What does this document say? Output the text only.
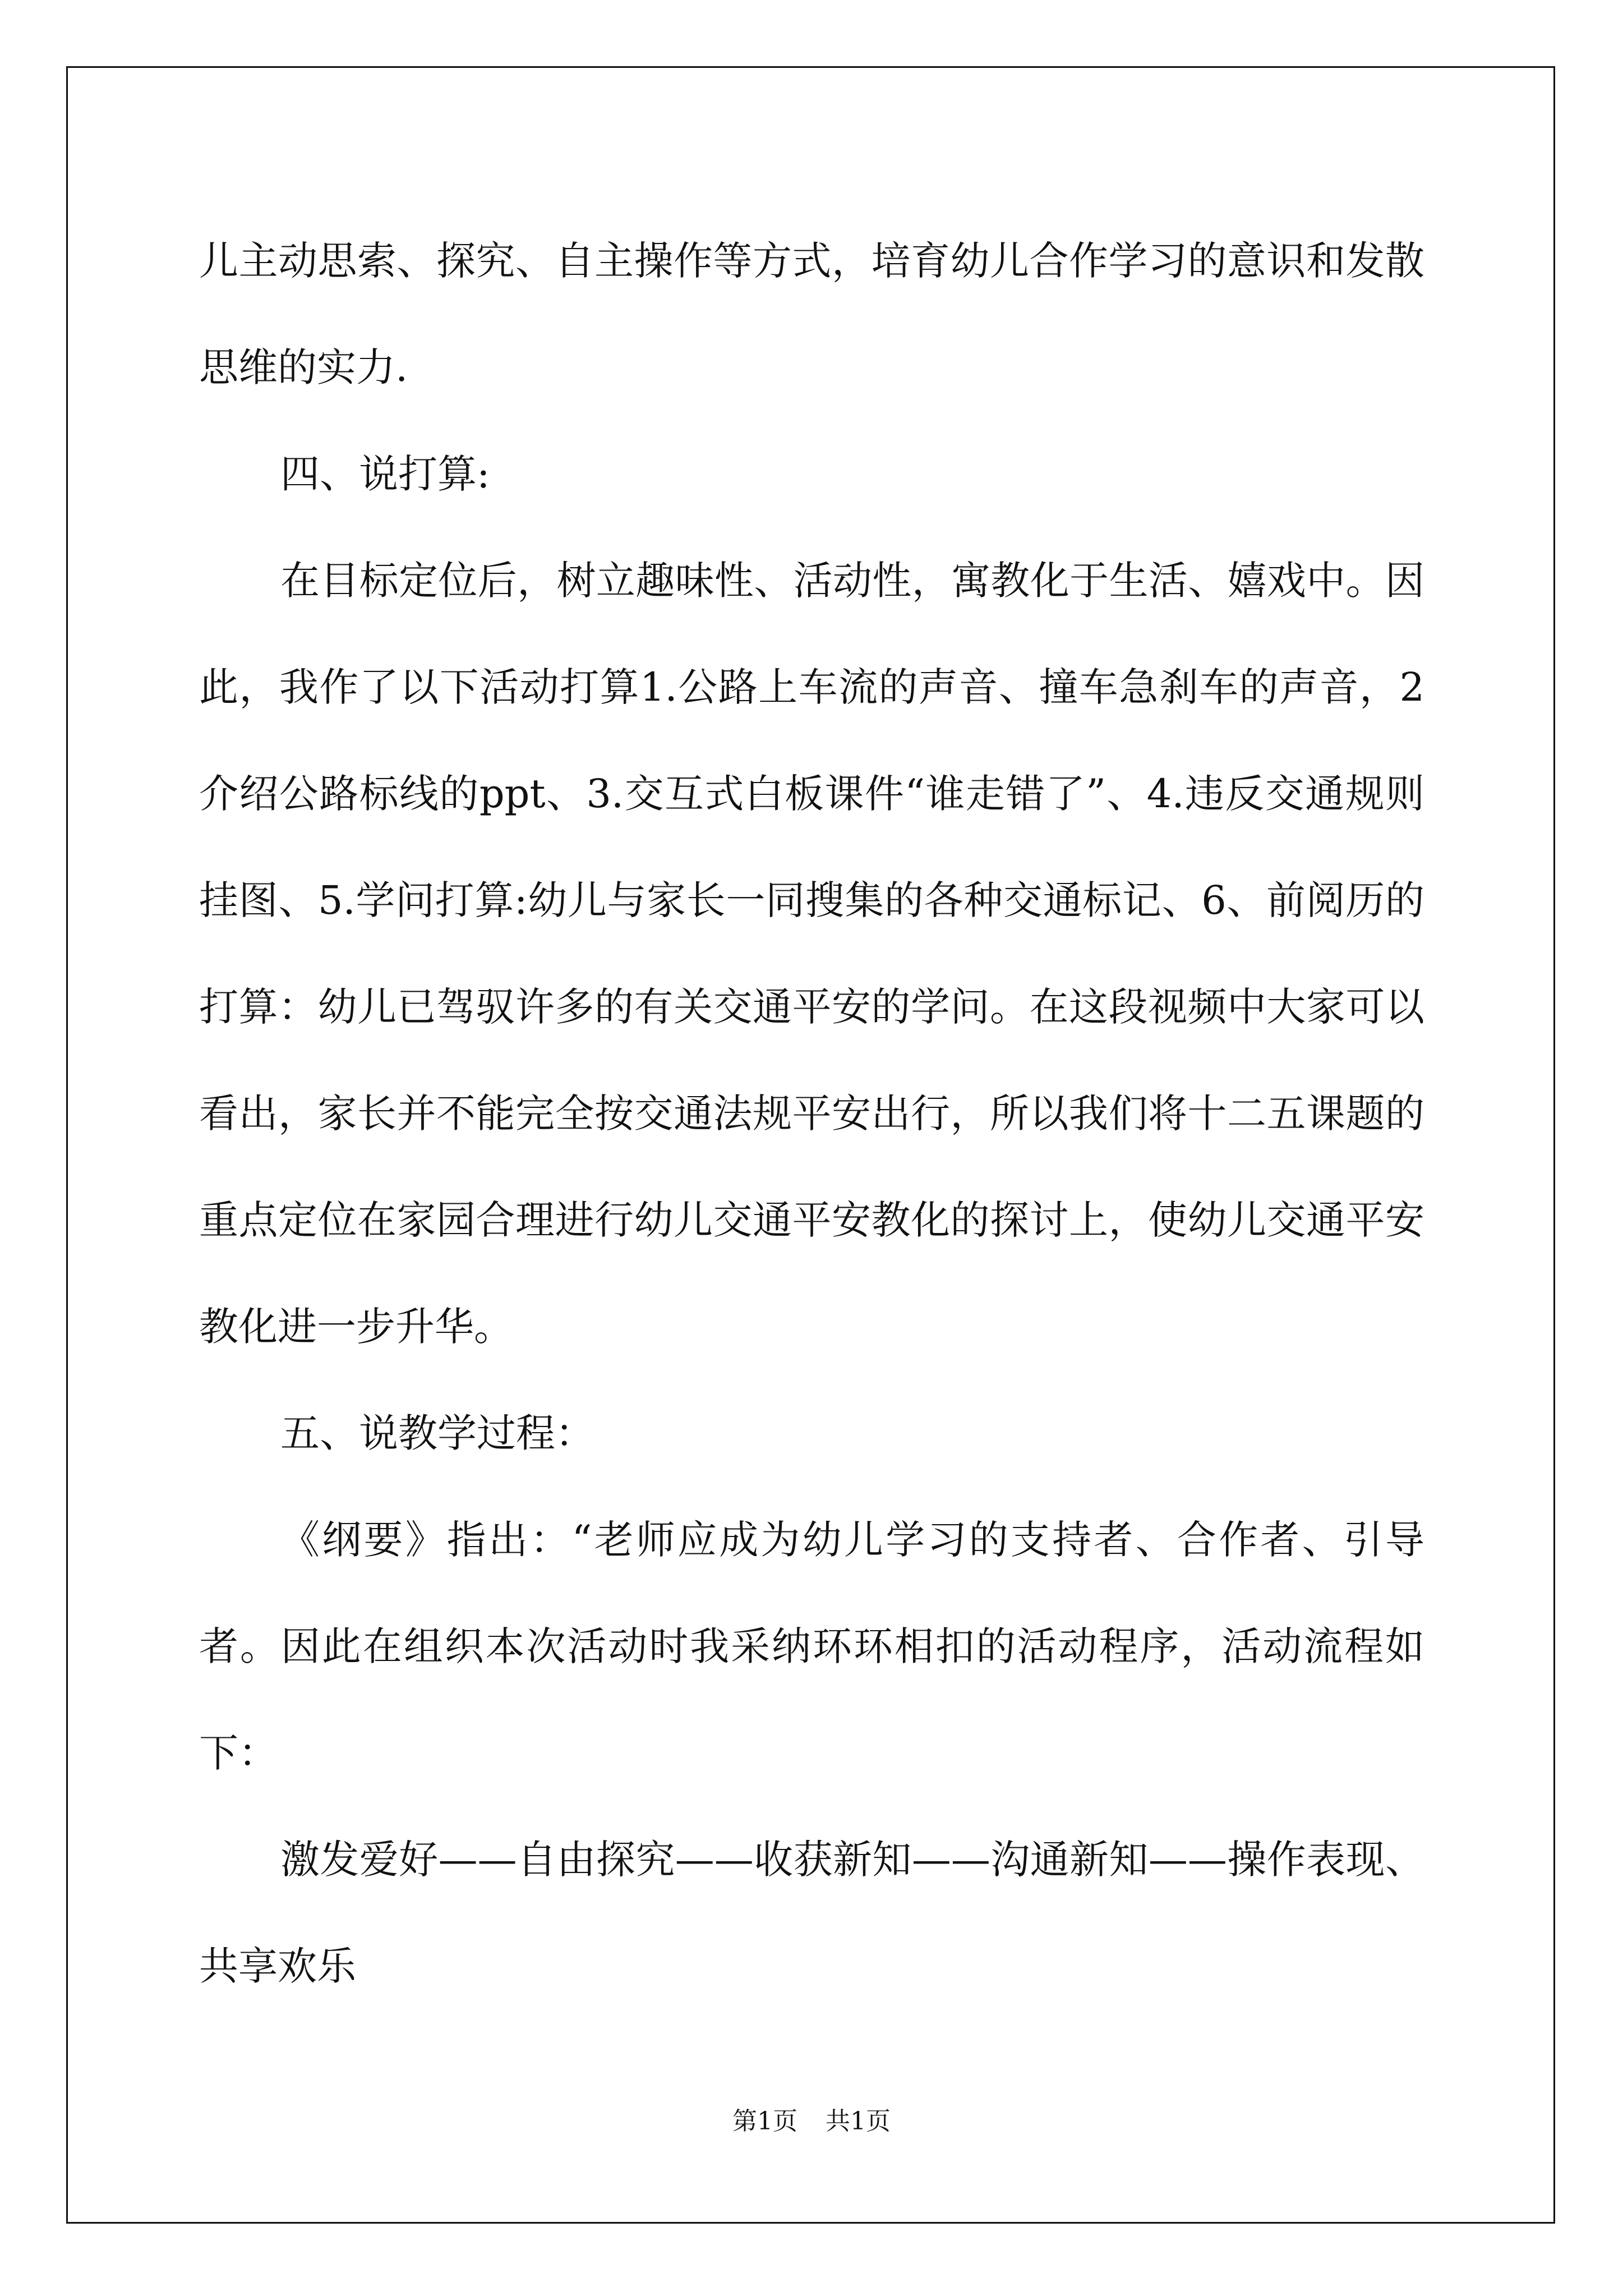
儿主动思索、探究、自主操作等方式，培育幼儿合作学习的意识和发散思维的实力.

四、说打算:

在目标定位后，树立趣味性、活动性，寓教化于生活、嬉戏中。因此，我作了以下活动打算1.公路上车流的声音、撞车急刹车的声音，2介绍公路标线的ppt、3.交互式白板课件“谁走错了”、4.违反交通规则挂图、5.学问打算:幼儿与家长一同搜集的各种交通标记、6、前阅历的打算：幼儿已驾驭许多的有关交通平安的学问。在这段视频中大家可以看出，家长并不能完全按交通法规平安出行，所以我们将十二五课题的重点定位在家园合理进行幼儿交通平安教化的探讨上，使幼儿交通平安教化进一步升华。

五、说教学过程：

《纲要》指出：“老师应成为幼儿学习的支持者、合作者、引导者。因此在组织本次活动时我采纳环环相扣的活动程序，活动流程如下：

激发爱好——自由探究——收获新知——沟通新知——操作表现、共享欢乐

第1页 共1页
